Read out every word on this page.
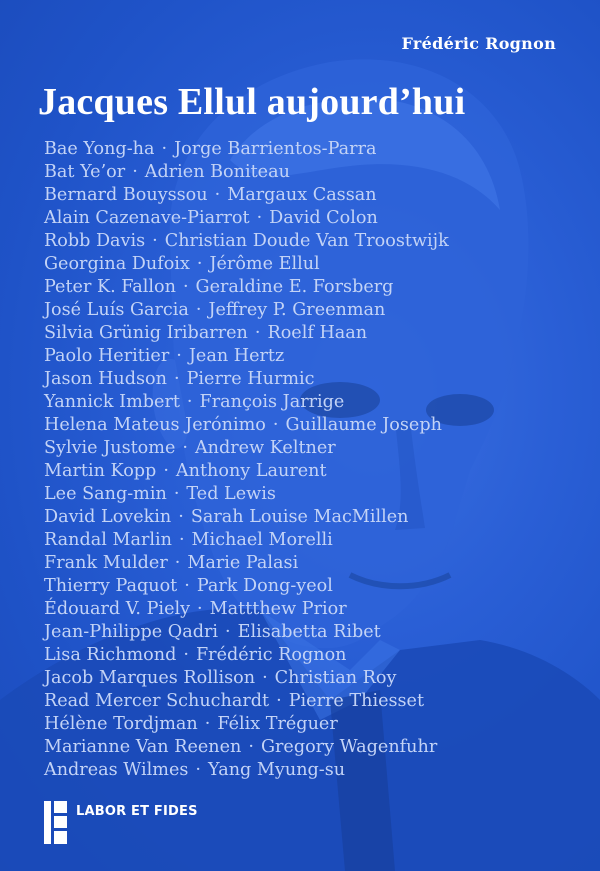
Frédéric Rognon
Jacques Ellul aujourd’hui
Bae Yong-ha · Jorge Barrientos-Parra
Bat Ye’or · Adrien Boniteau
Bernard Bouyssou · Margaux Cassan
Alain Cazenave-Piarrot · David Colon
Robb Davis · Christian Doude Van Troostwijk
Georgina Dufoix · Jérôme Ellul
Peter K. Fallon · Geraldine E. Forsberg
José Luís Garcia · Jeffrey P. Greenman
Silvia Grünig Iribarren · Roelf Haan
Paolo Heritier · Jean Hertz
Jason Hudson · Pierre Hurmic
Yannick Imbert · François Jarrige
Helena Mateus Jerónimo · Guillaume Joseph
Sylvie Justome · Andrew Keltner
Martin Kopp · Anthony Laurent
Lee Sang-min · Ted Lewis
David Lovekin · Sarah Louise MacMillen
Randal Marlin · Michael Morelli
Frank Mulder · Marie Palasi
Thierry Paquot · Park Dong-yeol
Édouard V. Piely · Mattthew Prior
Jean-Philippe Qadri · Elisabetta Ribet
Lisa Richmond · Frédéric Rognon
Jacob Marques Rollison · Christian Roy
Read Mercer Schuchardt · Pierre Thiesset
Hélène Tordjman · Félix Tréguer
Marianne Van Reenen · Gregory Wagenfuhr
Andreas Wilmes · Yang Myung-su
LABOR ET FIDES
